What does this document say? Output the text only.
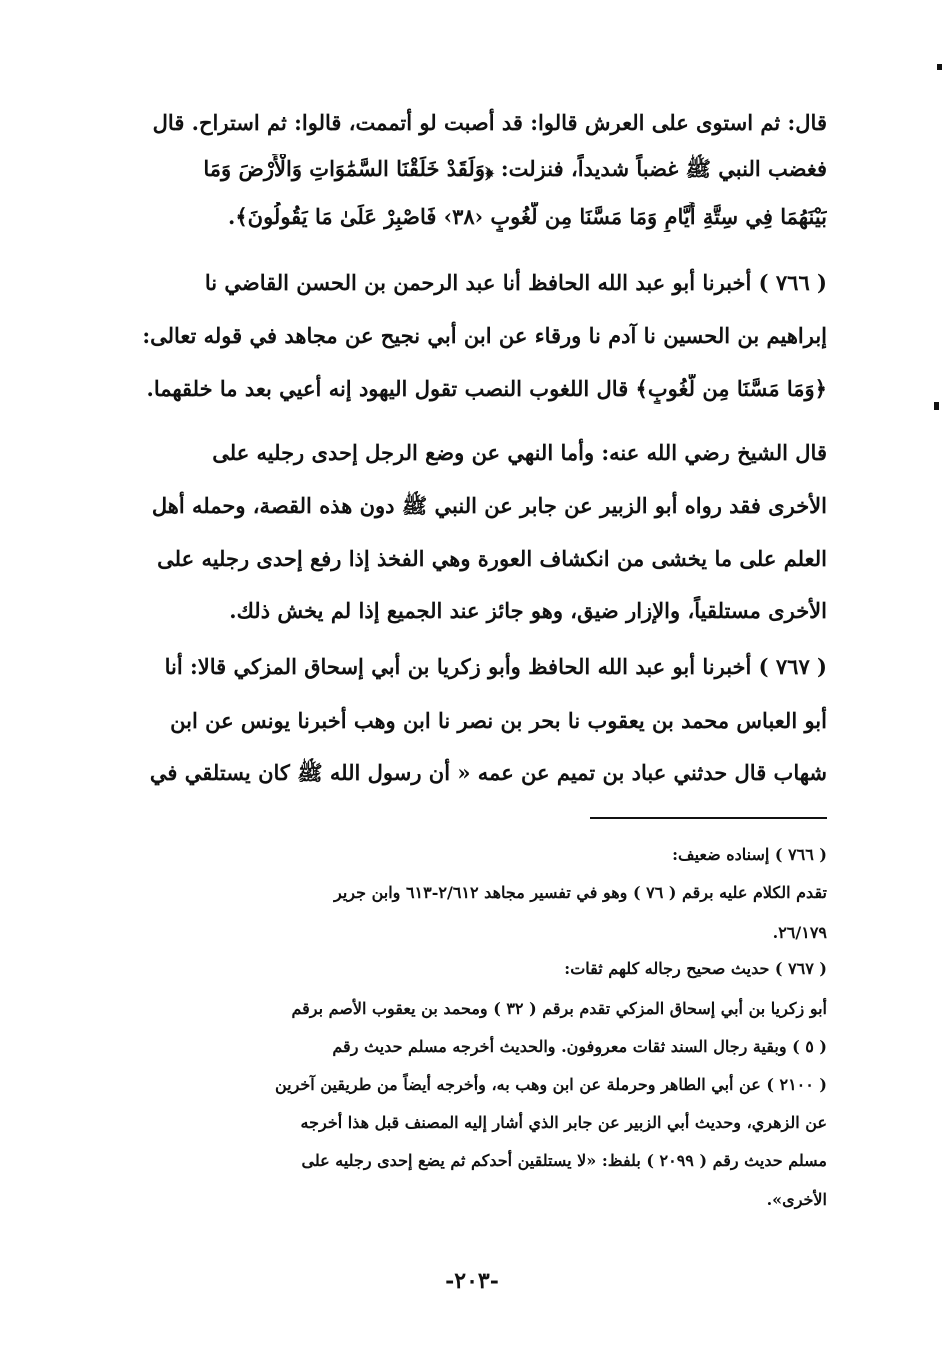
قال: ثم استوى على العرش قالوا: قد أصبت لو أتممت، قالوا: ثم استراح. قال
فغضب النبي ﷺ غضباً شديداً، فنزلت: ﴿وَلَقَدْ خَلَقْنَا السَّمَٰوَاتِ وَالْأَرْضَ وَمَا
بَيْنَهُمَا فِي سِتَّةِ أَيَّامٍ وَمَا مَسَّنَا مِن لُّغُوبٍ ‹٣٨› فَاصْبِرْ عَلَىٰ مَا يَقُولُونَ﴾.
( ٧٦٦ ) أخبرنا أبو عبد الله الحافظ أنا عبد الرحمن بن الحسن القاضي نا
إبراهيم بن الحسين نا آدم نا ورقاء عن ابن أبي نجيح عن مجاهد في قوله تعالى:
﴿وَمَا مَسَّنَا مِن لُّغُوبٍ﴾ قال اللغوب النصب تقول اليهود إنه أعيي بعد ما خلقهما.
قال الشيخ رضي الله عنه: وأما النهي عن وضع الرجل إحدى رجليه على
الأخرى فقد رواه أبو الزبير عن جابر عن النبي ﷺ دون هذه القصة، وحمله أهل
العلم على ما يخشى من انكشاف العورة وهي الفخذ إذا رفع إحدى رجليه على
الأخرى مستلقياً، والإزار ضيق، وهو جائز عند الجميع إذا لم يخش ذلك.
( ٧٦٧ ) أخبرنا أبو عبد الله الحافظ وأبو زكريا بن أبي إسحاق المزكي قالا: أنا
أبو العباس محمد بن يعقوب نا بحر بن نصر نا ابن وهب أخبرنا يونس عن ابن
شهاب قال حدثني عباد بن تميم عن عمه « أن رسول الله ﷺ كان يستلقي في
( ٧٦٦ ) إسناده ضعيف:
تقدم الكلام عليه برقم ( ٧٦ ) وهو في تفسير مجاهد ٢/٦١٢-٦١٣ وابن جرير
٢٦/١٧٩.
( ٧٦٧ ) حديث صحيح رجاله كلهم ثقات:
أبو زكريا بن أبي إسحاق المزكي تقدم برقم ( ٣٢ ) ومحمد بن يعقوب الأصم برقم
( ٥ ) وبقية رجال السند ثقات معروفون. والحديث أخرجه مسلم حديث رقم
( ٢١٠٠ ) عن أبي الطاهر وحرملة عن ابن وهب به، وأخرجه أيضاً من طريقين آخرين
عن الزهري، وحديث أبي الزبير عن جابر الذي أشار إليه المصنف قبل هذا أخرجه
مسلم حديث رقم ( ٢٠٩٩ ) بلفظ: «لا يستلقين أحدكم ثم يضع إحدى رجليه على
الأخرى».
-٢٠٣-
